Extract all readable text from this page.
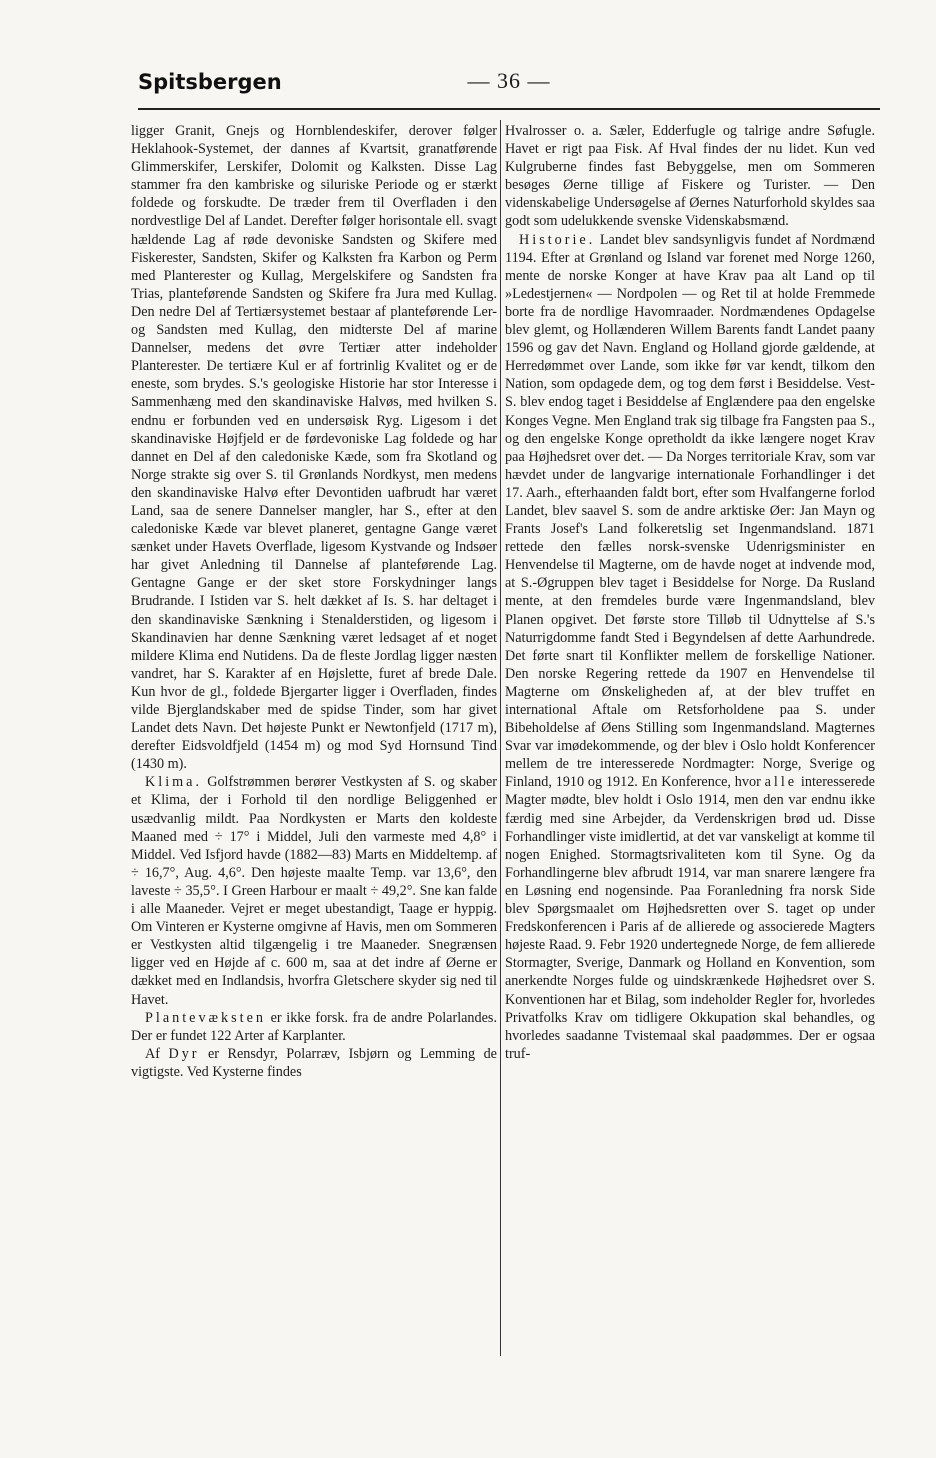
Spitsbergen	— 36 —

ligger Granit, Gnejs og Hornblendeskifer, derover følger Heklahook-Systemet, der dannes af Kvartsit, granatførende Glimmerskifer, Lerskifer, Dolomit og Kalksten. Disse Lag stammer fra den kambriske og siluriske Periode og er stærkt foldede og forskudte. De træder frem til Overfladen i den nordvestlige Del af Landet. Derefter følger horisontale ell. svagt hældende Lag af røde devoniske Sandsten og Skifere med Fiskerester, Sandsten, Skifer og Kalksten fra Karbon og Perm med Planterester og Kullag, Mergelskifere og Sandsten fra Trias, planteførende Sandsten og Skifere fra Jura med Kullag. Den nedre Del af Tertiærsystemet bestaar af planteførende Ler- og Sandsten med Kullag, den midterste Del af marine Dannelser, medens det øvre Tertiær atter indeholder Planterester. De tertiære Kul er af fortrinlig Kvalitet og er de eneste, som brydes. S.'s geologiske Historie har stor Interesse i Sammenhæng med den skandinaviske Halvøs, med hvilken S. endnu er forbunden ved en undersøisk Ryg. Ligesom i det skandinaviske Højfjeld er de førdevoniske Lag foldede og har dannet en Del af den caledoniske Kæde, som fra Skotland og Norge strakte sig over S. til Grønlands Nordkyst, men medens den skandinaviske Halvø efter Devontiden uafbrudt har været Land, saa de senere Dannelser mangler, har S., efter at den caledoniske Kæde var blevet planeret, gentagne Gange været sænket under Havets Overflade, ligesom Kystvande og Indsøer har givet Anledning til Dannelse af planteførende Lag. Gentagne Gange er der sket store Forskydninger langs Brudrande. I Istiden var S. helt dækket af Is. S. har deltaget i den skandinaviske Sænkning i Stenalderstiden, og ligesom i Skandinavien har denne Sænkning været ledsaget af et noget mildere Klima end Nutidens. Da de fleste Jordlag ligger næsten vandret, har S. Karakter af en Højslette, furet af brede Dale. Kun hvor de gl., foldede Bjergarter ligger i Overfladen, findes vilde Bjerglandskaber med de spidse Tinder, som har givet Landet dets Navn. Det højeste Punkt er Newtonfjeld (1717 m), derefter Eidsvoldfjeld (1454 m) og mod Syd Hornsund Tind (1430 m).

Klima. Golfstrømmen berører Vestkysten af S. og skaber et Klima, der i Forhold til den nordlige Beliggenhed er usædvanlig mildt. Paa Nordkysten er Marts den koldeste Maaned med ÷ 17° i Middel, Juli den varmeste med 4,8° i Middel. Ved Isfjord havde (1882—83) Marts en Middeltemp. af ÷ 16,7°, Aug. 4,6°. Den højeste maalte Temp. var 13,6°, den laveste ÷ 35,5°. I Green Harbour er maalt ÷ 49,2°. Sne kan falde i alle Maaneder. Vejret er meget ubestandigt, Taage er hyppig. Om Vinteren er Kysterne omgivne af Havis, men om Sommeren er Vestkysten altid tilgængelig i tre Maaneder. Snegrænsen ligger ved en Højde af c. 600 m, saa at det indre af Øerne er dækket med en Indlandsis, hvorfra Gletschere skyder sig ned til Havet.

Plantevæksten er ikke forsk. fra de andre Polarlandes. Der er fundet 122 Arter af Karplanter.

Af Dyr er Rensdyr, Polarræv, Isbjørn og Lemming de vigtigste. Ved Kysterne findes

Hvalrosser o. a. Sæler, Edderfugle og talrige andre Søfugle. Havet er rigt paa Fisk. Af Hval findes der nu lidet. Kun ved Kulgruberne findes fast Bebyggelse, men om Sommeren besøges Øerne tillige af Fiskere og Turister. — Den videnskabelige Undersøgelse af Øernes Naturforhold skyldes saa godt som udelukkende svenske Videnskabsmænd.

Historie. Landet blev sandsynligvis fundet af Nordmænd 1194. Efter at Grønland og Island var forenet med Norge 1260, mente de norske Konger at have Krav paa alt Land op til »Ledestjernen« — Nordpolen — og Ret til at holde Fremmede borte fra de nordlige Havomraader. Nordmændenes Opdagelse blev glemt, og Hollænderen Willem Barents fandt Landet paany 1596 og gav det Navn. England og Holland gjorde gældende, at Herredømmet over Lande, som ikke før var kendt, tilkom den Nation, som opdagede dem, og tog dem først i Besiddelse. Vest-S. blev endog taget i Besiddelse af Englændere paa den engelske Konges Vegne. Men England trak sig tilbage fra Fangsten paa S., og den engelske Konge opretholdt da ikke længere noget Krav paa Højhedsret over det. — Da Norges territoriale Krav, som var hævdet under de langvarige internationale Forhandlinger i det 17. Aarh., efterhaanden faldt bort, efter som Hvalfangerne forlod Landet, blev saavel S. som de andre arktiske Øer: Jan Mayn og Frants Josef's Land folkeretslig set Ingenmandsland. 1871 rettede den fælles norsk-svenske Udenrigsminister en Henvendelse til Magterne, om de havde noget at indvende mod, at S.-Øgruppen blev taget i Besiddelse for Norge. Da Rusland mente, at den fremdeles burde være Ingenmandsland, blev Planen opgivet. Det første store Tilløb til Udnyttelse af S.'s Naturrigdomme fandt Sted i Begyndelsen af dette Aarhundrede. Det førte snart til Konflikter mellem de forskellige Nationer. Den norske Regering rettede da 1907 en Henvendelse til Magterne om Ønskeligheden af, at der blev truffet en international Aftale om Retsforholdene paa S. under Bibeholdelse af Øens Stilling som Ingenmandsland. Magternes Svar var imødekommende, og der blev i Oslo holdt Konferencer mellem de tre interesserede Nordmagter: Norge, Sverige og Finland, 1910 og 1912. En Konference, hvor alle interesserede Magter mødte, blev holdt i Oslo 1914, men den var endnu ikke færdig med sine Arbejder, da Verdenskrigen brød ud. Disse Forhandlinger viste imidlertid, at det var vanskeligt at komme til nogen Enighed. Stormagtsrivaliteten kom til Syne. Og da Forhandlingerne blev afbrudt 1914, var man snarere længere fra en Løsning end nogensinde. Paa Foranledning fra norsk Side blev Spørgsmaalet om Højhedsretten over S. taget op under Fredskonferencen i Paris af de allierede og associerede Magters højeste Raad. 9. Febr 1920 undertegnede Norge, de fem allierede Stormagter, Sverige, Danmark og Holland en Konvention, som anerkendte Norges fulde og uindskrænkede Højhedsret over S. Konventionen har et Bilag, som indeholder Regler for, hvorledes Privatfolks Krav om tidligere Okkupation skal behandles, og hvorledes saadanne Tvistemaal skal paadømmes. Der er ogsaa truf-
